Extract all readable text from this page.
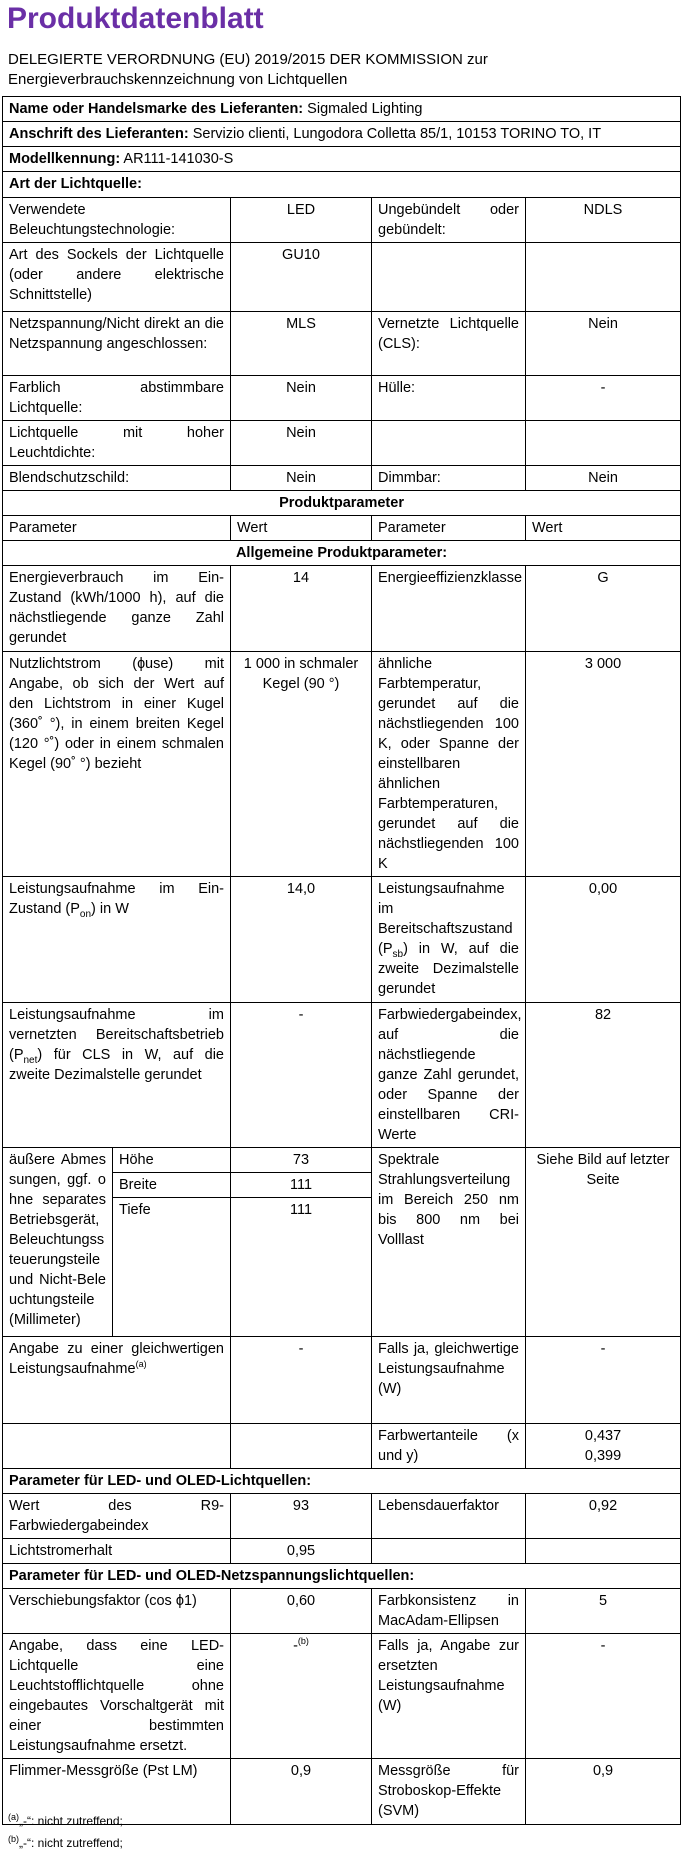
Produktdatenblatt
DELEGIERTE VERORDNUNG (EU) 2019/2015 DER KOMMISSION zur Energieverbrauchskennzeichnung von Lichtquellen
Name oder Handelsmarke des Lieferanten: Sigmaled Lighting				
Anschrift des Lieferanten: Servizio clienti, Lungodora Colletta 85/1, 10153 TORINO TO, IT				
Modellkennung: AR111-141030-S				
Art der Lichtquelle:				
Verwendete Beleuchtungstechnologie:		LED	Ungebündelt oder gebündelt:	NDLS
Art des Sockels der Lichtquelle (oder andere elektrische Schnittstelle)		GU10		
Netzspannung/Nicht direkt an die Netzspannung angeschlossen:		MLS	Vernetzte Lichtquelle (CLS):	Nein
Farblich abstimmbare Lichtquelle:		Nein	Hülle:	-
Lichtquelle mit hoher Leuchtdichte:		Nein		
Blendschutzschild:		Nein	Dimmbar:	Nein
Produktparameter				
Parameter		Wert	Parameter	Wert
Allgemeine Produktparameter:				
Energieverbrauch im Ein-Zustand (kWh/1000 h), auf die nächstliegende ganze Zahl gerundet		14	Energieeffizienzklasse	G
Nutzlichtstrom (ɸuse) mit Angabe, ob sich der Wert auf den Lichtstrom in einer Kugel (360˚ °), in einem breiten Kegel (120 °˚) oder in einem schmalen Kegel (90˚ °) bezieht		1 000 in schmaler Kegel (90 °)	ähnliche Farbtemperatur, gerundet auf die nächstliegenden 100 K, oder Spanne der einstellbaren ähnlichen Farbtemperaturen, gerundet auf die nächstliegenden 100 K	3 000
Leistungsaufnahme im Ein-Zustand $(P_{on})$ in W		14,0	Leistungsaufnahme im Bereitschaftszustand $(P_{sb})$ in W, auf die zweite Dezimalstelle gerundet	0,00
Leistungsaufnahme im vernetzten Bereitschaftsbetrieb $(P_{net})$ für CLS in W, auf die zweite Dezimalstelle gerundet		-	Farbwiedergabeindex, auf die nächstliegende ganze Zahl gerundet, oder Spanne der einstellbaren CRI-Werte	82
äußere Abmessungen, ggf. ohne separates Betriebsgerät, Beleuchtungssteuerungsteile und Nicht-Beleuchtungsteile (Millimeter)	Höhe	73	Spektrale Strahlungsverteilung im Bereich 250 nm bis 800 nm bei Volllast	Siehe Bild auf letzter Seite
	Breite	111		
	Tiefe	111		
Angabe zu einer gleichwertigen Leistungsaufnahme$^{(a)}$		-	Falls ja, gleichwertige Leistungsaufnahme (W)	-
			Farbwertanteile (x und y)	0,437
0,399

Parameter für LED- und OLED-Lichtquellen:				
Wert des R9-Farbwiedergabeindex		93	Lebensdauerfaktor	0,92
Lichtstromerhalt		0,95		
Parameter für LED- und OLED-Netzspannungslichtquellen:				
Verschiebungsfaktor (cos ϕ1)		0,60	Farbkonsistenz in MacAdam-Ellipsen	5
Angabe, dass eine LED-Lichtquelle eine Leuchtstofflichtquelle ohne eingebautes Vorschaltgerät mit einer bestimmten Leistungsaufnahme ersetzt.		-$^{(b)}$	Falls ja, Angabe zur ersetzten Leistungsaufnahme (W)	-
Flimmer-Messgröße (Pst LM)		0,9	Messgröße für Stroboskop-Effekte (SVM)	0,9
$^{(a)}$„-“: nicht zutreffend;
$^{(b)}$„-“: nicht zutreffend;
